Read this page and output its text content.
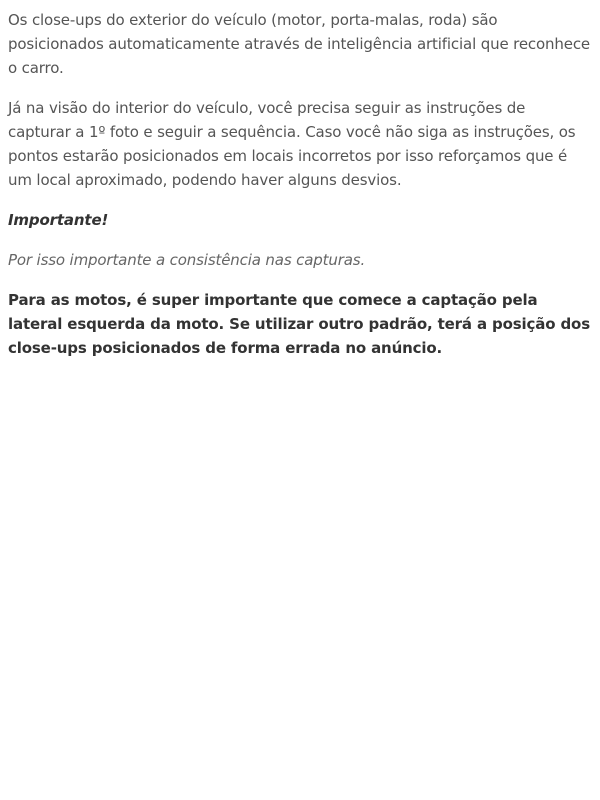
Os close-ups do exterior do veículo (motor, porta-malas, roda) são posicionados automaticamente através de inteligência artificial que reconhece o carro.

Já na visão do interior do veículo, você precisa seguir as instruções de capturar a 1º foto e seguir a sequência. Caso você não siga as instruções, os pontos estarão posicionados em locais incorretos por isso reforçamos que é um local aproximado, podendo haver alguns desvios.

Importante!

Por isso importante a consistência nas capturas.

Para as motos, é super importante que comece a captação pela lateral esquerda da moto. Se utilizar outro padrão, terá a posição dos close-ups posicionados de forma errada no anúncio.
